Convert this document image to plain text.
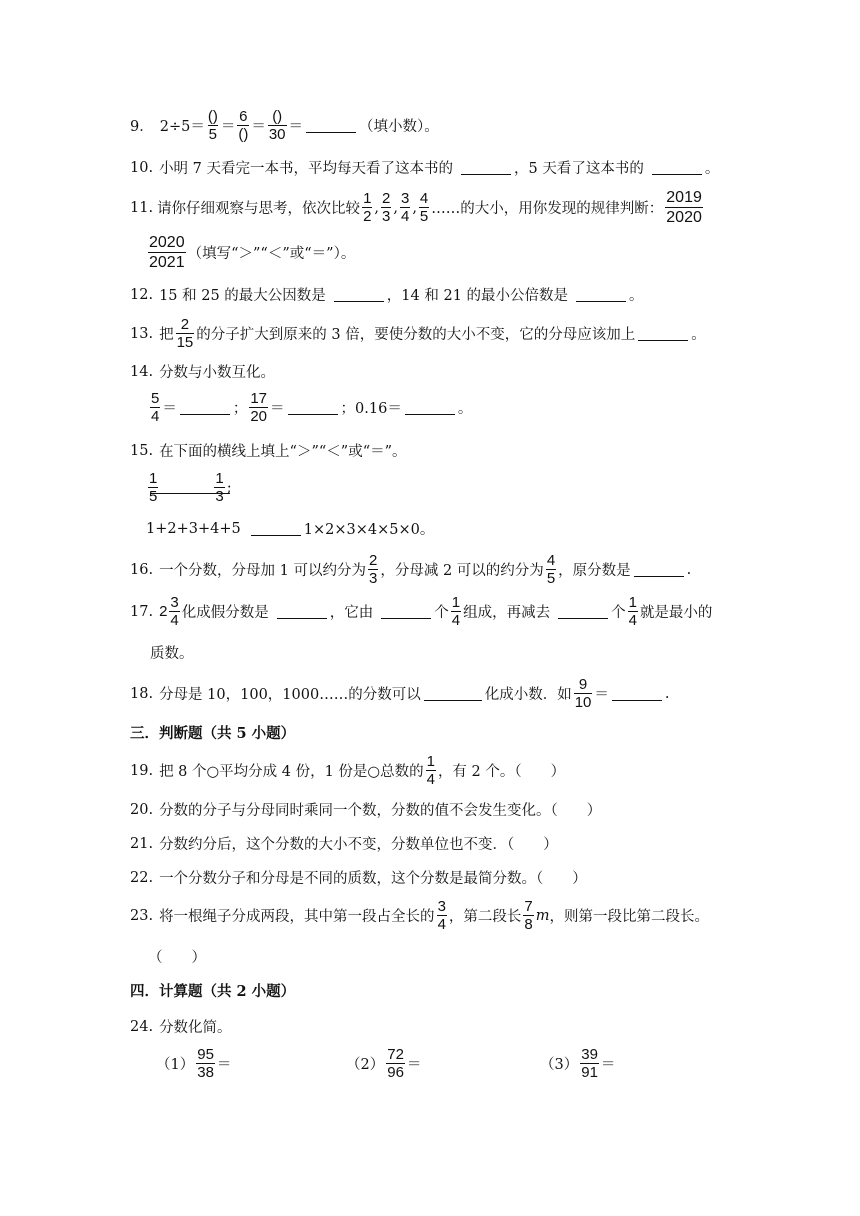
9． $2\div 5= \frac{()}{5} = \frac{6}{()} = \frac{()}{30}$ ＝	（填小数）。
10. 小明 7 天看完一本书，平均每天看了这本书的	，5 天看了这本书的	。
11. 请你仔细观察与思考，依次比较 $\frac{1}{2}$ , $\frac{2}{3}$ , $\frac{3}{4}$ , $\frac{4}{5}$ ……的大小，用你发现的规律判断： $\frac{2019}{2020}$
$\frac{2020}{2021}$ （填写“＞”“＜”或“＝”）。
12. 15 和 25 的最大公因数是	，14 和 21 的最小公倍数是	。
13. 把 $\frac{2}{15}$ 的分子扩大到原来的 3 倍，要使分数的大小不变，它的分母应该加上	。
14. 分数与小数互化。
$\frac{5}{4}$ ＝	； $\frac{17}{20}$ ＝	； 0.16＝	。
15. 在下面的横线上填上“＞”“＜”或“＝”。
$\frac{1}{5}$	$\frac{1}{3}$ ;
1+2+3+4+5	1×2×3×4×5×0。
16. 一个分数，分母加 1 可以约分为 $\frac{2}{3}$ ，分母减 2 可以的约分为 $\frac{4}{5}$ ，原分数是	.
17. $2 \frac{3}{4}$ 化成假分数是	，它由	个 $\frac{1}{4}$ 组成，再减去	个 $\frac{1}{4}$ 就是最小的
质数。
18. 分母是 10，100，1000……的分数可以	化成小数．如 $\frac{9}{10}$ ＝	.
三．判断题（共 5 小题）
19. 把 8 个○平均分成 4 份，1 份是○总数的 $\frac{1}{4}$ ，有 2 个。（　　）
20. 分数的分子与分母同时乘同一个数，分数的值不会发生变化。（　　）
21. 分数约分后，这个分数的大小不变，分数单位也不变．（　　）
22. 一个分数分子和分母是不同的质数，这个分数是最简分数。（　　）
23. 将一根绳子分成两段，其中第一段占全长的 $\frac{3}{4}$ ，第二段长 $\frac{7}{8}$ m ，则第一段比第二段长。
（　　）
四．计算题（共 2 小题）
24. 分数化简。
$(1) \frac{95}{38}$ ＝	$(2) \frac{72}{96}$ ＝	$(3) \frac{39}{91}$ ＝
